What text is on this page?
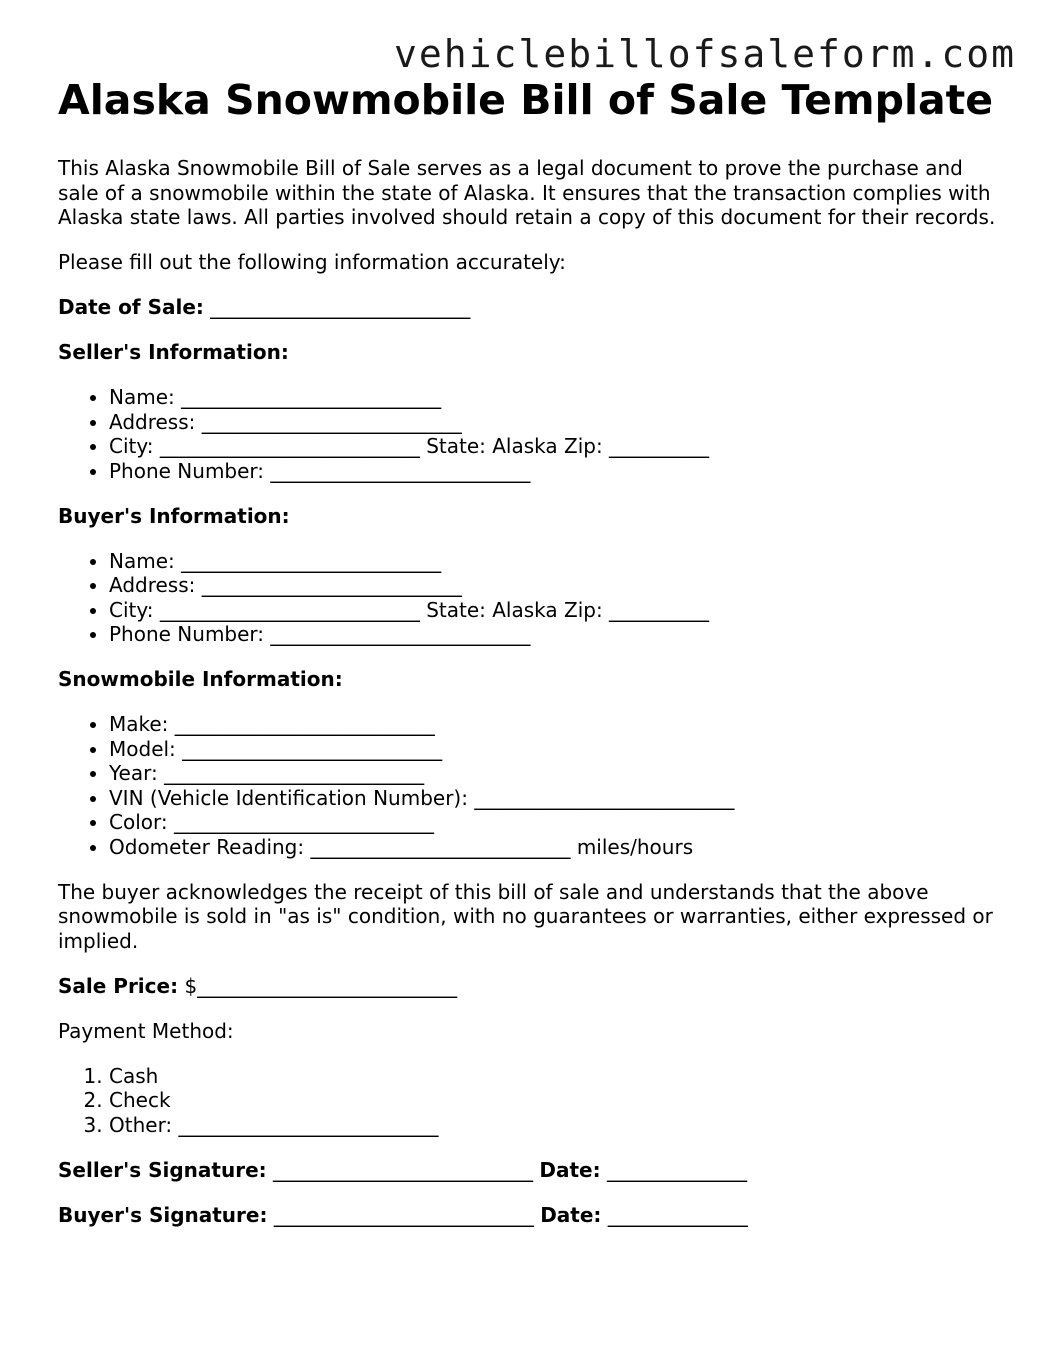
vehiclebillofsaleform.com
Alaska Snowmobile Bill of Sale Template

This Alaska Snowmobile Bill of Sale serves as a legal document to prove the purchase and sale of a snowmobile within the state of Alaska. It ensures that the transaction complies with Alaska state laws. All parties involved should retain a copy of this document for their records.

Please fill out the following information accurately:

Date of Sale: __________________________

Seller's Information:

• Name: __________________________
• Address: __________________________
• City: __________________________ State: Alaska Zip: __________
• Phone Number: __________________________

Buyer's Information:

• Name: __________________________
• Address: __________________________
• City: __________________________ State: Alaska Zip: __________
• Phone Number: __________________________

Snowmobile Information:

• Make: __________________________
• Model: __________________________
• Year: __________________________
• VIN (Vehicle Identification Number): __________________________
• Color: __________________________
• Odometer Reading: __________________________ miles/hours

The buyer acknowledges the receipt of this bill of sale and understands that the above snowmobile is sold in "as is" condition, with no guarantees or warranties, either expressed or implied.

Sale Price: $__________________________

Payment Method:

1. Cash
2. Check
3. Other: __________________________

Seller's Signature: __________________________ Date: ______________

Buyer's Signature: __________________________ Date: ______________
